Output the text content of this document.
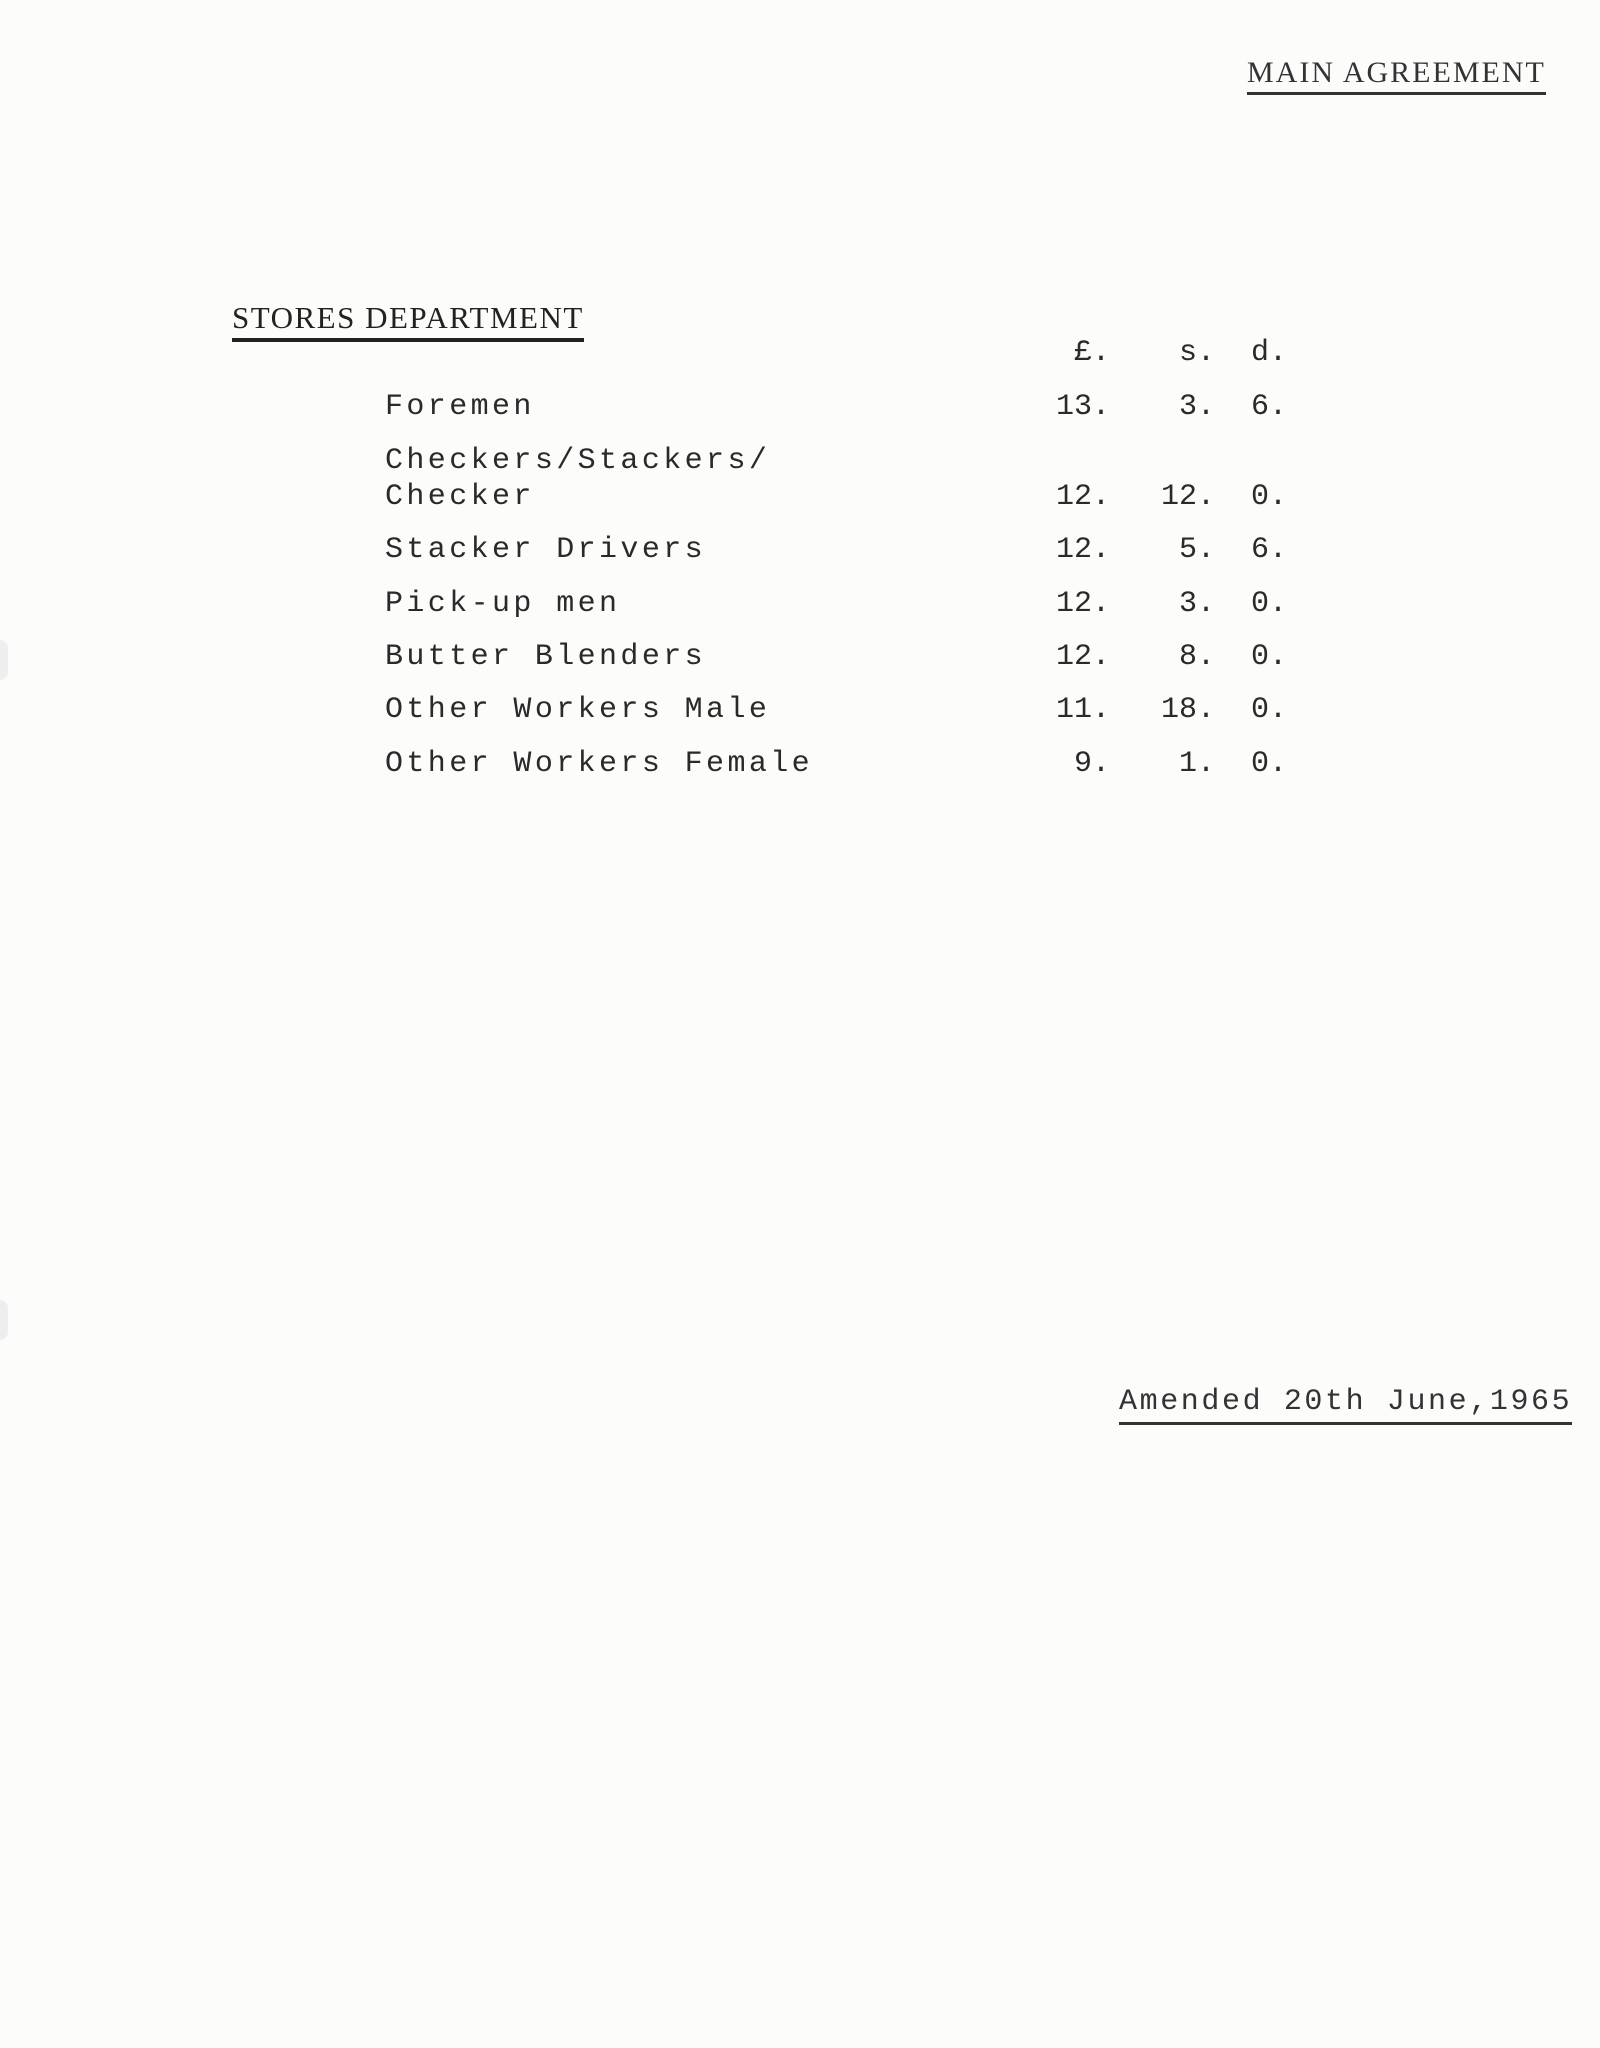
MAIN AGREEMENT
STORES DEPARTMENT
£.	s.	d.
Foremen	13.	3.	6.
Checkers/Stackers/
Checker	12.	12.	0.
Stacker Drivers	12.	5.	6.
Pick-up men	12.	3.	0.
Butter Blenders	12.	8.	0.
Other Workers Male	11.	18.	0.
Other Workers Female	9.	1.	0.
Amended 20th June,1965
